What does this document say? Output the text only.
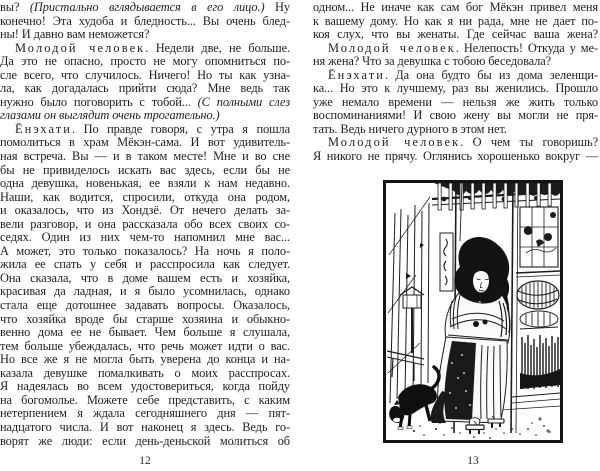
вы? (Пристально вглядывается в его лицо.) Ну
конечно! Эта худоба и бледность... Вы очень блед-
ны! И давно вам неможется?
Молодой человек. Недели две, не больше.
Да это не опасно, просто не могу опомниться по-
сле всего, что случилось. Ничего! Но ты как узна-
ла, как догадалась прийти сюда? Мне ведь так
нужно было поговорить с тобой... (С полными слез
глазами он выглядит очень трогательно.)
Ёнэхати. По правде говоря, с утра я пошла
помолиться в храм Мёкэн-сама. И вот удивитель-
ная встреча. Вы — и в таком месте! Мне и во сне
бы не привиделось искать вас здесь, если бы не
одна девушка, новенькая, ее взяли к нам недавно.
Наши, как водится, спросили, откуда она родом,
и оказалось, что из Хондзё. От нечего делать за-
вели разговор, и она рассказала обо всех своих со-
седях. Один из них чем-то напомнил мне вас...
А может, это только показалось? На ночь я поло-
жила ее спать у себя и расспросила как следует.
Она сказала, что в доме вашем есть и хозяйка,
красивая да ладная, и я было усомнилась, однако
стала еще дотошнее задавать вопросы. Оказалось,
что хозяйка вроде бы старше хозяина и обыкно-
венно дома ее не бывает. Чем больше я слушала,
тем больше убеждалась, что речь может идти о вас.
Но все же я не могла быть уверена до конца и на-
казала девушке помалкивать о моих расспросах.
Я надеялась во всем удостовериться, когда пойду
на богомолье. Можете себе представить, с каким
нетерпением я ждала сегодняшнего дня — пят-
надцатого числа. И вот наконец я здесь. Ведь го-
ворят же люди: если день-деньской молиться об
одном... Не иначе как сам бог Мёкэн привел меня
к вашему дому. Но как я ни рада, мне не дает по-
коя слух, что вы женаты. Где сейчас ваша жена?
Молодой человек. Нелепость! Откуда у ме-
ня жена? Что за девушка с тобою беседовала?
Ёнэхати. Да она будто бы из дома зеленщи-
ка... Но это к лучшему, раз вы женились. Прошло
уже немало времени — нельзя же жить только
воспоминаниями! И свою жену вы могли не пря-
тать. Ведь ничего дурного в этом нет.
Молодой человек. О чем ты говоришь?
Я никого не прячу. Оглянись хорошенько вокруг —
12	13
